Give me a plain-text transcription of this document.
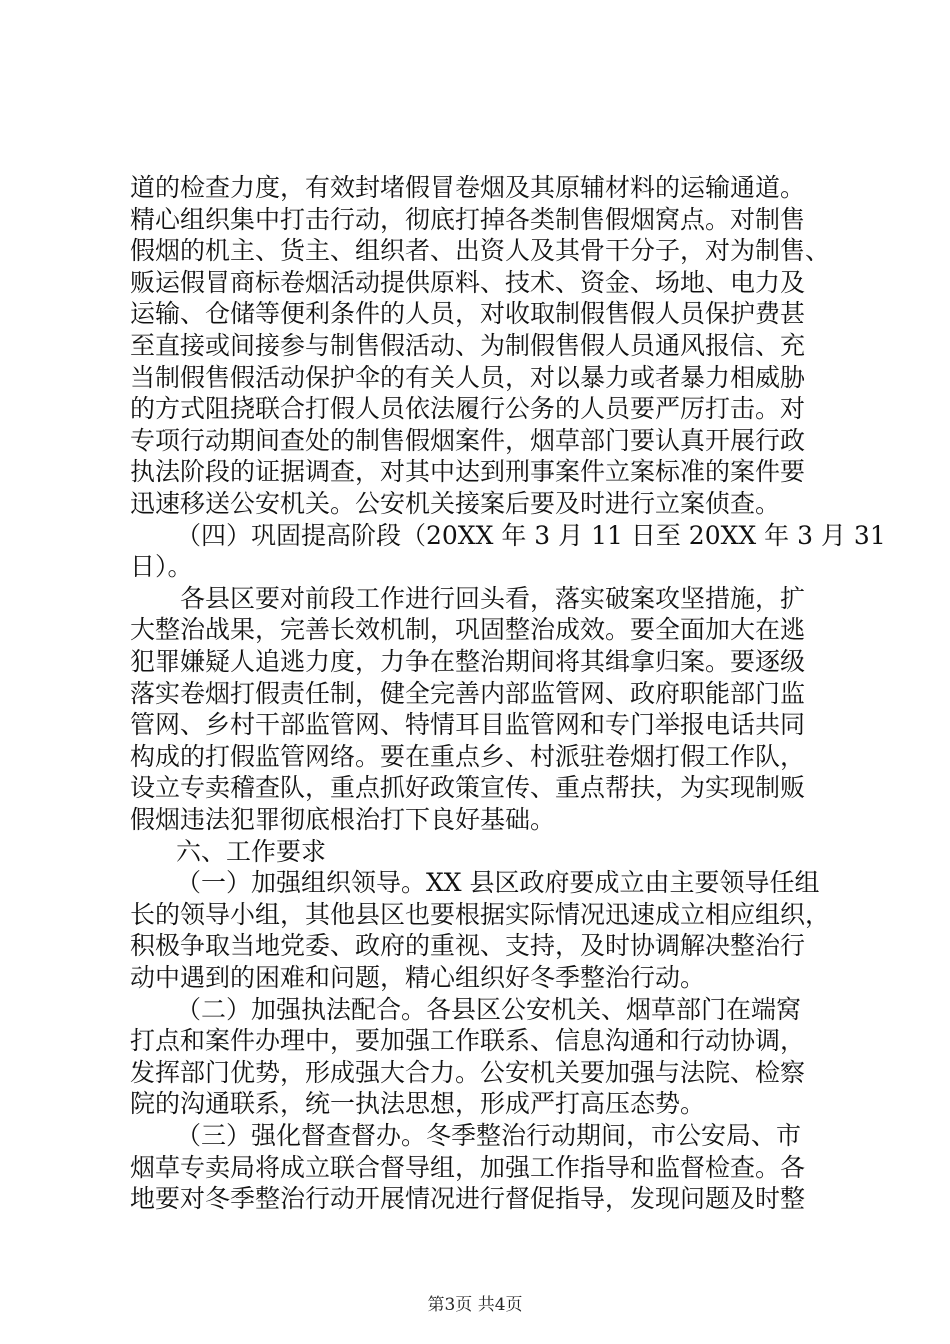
道的检查力度，有效封堵假冒卷烟及其原辅材料的运输通道。
精心组织集中打击行动，彻底打掉各类制售假烟窝点。对制售
假烟的机主、货主、组织者、出资人及其骨干分子，对为制售、
贩运假冒商标卷烟活动提供原料、技术、资金、场地、电力及
运输、仓储等便利条件的人员，对收取制假售假人员保护费甚
至直接或间接参与制售假活动、为制假售假人员通风报信、充
当制假售假活动保护伞的有关人员，对以暴力或者暴力相威胁
的方式阻挠联合打假人员依法履行公务的人员要严厉打击。对
专项行动期间查处的制售假烟案件，烟草部门要认真开展行政
执法阶段的证据调查，对其中达到刑事案件立案标准的案件要
迅速移送公安机关。公安机关接案后要及时进行立案侦查。
（四）巩固提高阶段（20XX 年 3 月 11 日至 20XX 年 3 月 31
日）。
各县区要对前段工作进行回头看，落实破案攻坚措施，扩
大整治战果，完善长效机制，巩固整治成效。要全面加大在逃
犯罪嫌疑人追逃力度，力争在整治期间将其缉拿归案。要逐级
落实卷烟打假责任制，健全完善内部监管网、政府职能部门监
管网、乡村干部监管网、特情耳目监管网和专门举报电话共同
构成的打假监管网络。要在重点乡、村派驻卷烟打假工作队，
设立专卖稽查队，重点抓好政策宣传、重点帮扶，为实现制贩
假烟违法犯罪彻底根治打下良好基础。
六、工作要求
（一）加强组织领导。XX 县区政府要成立由主要领导任组
长的领导小组，其他县区也要根据实际情况迅速成立相应组织，
积极争取当地党委、政府的重视、支持，及时协调解决整治行
动中遇到的困难和问题，精心组织好冬季整治行动。
（二）加强执法配合。各县区公安机关、烟草部门在端窝
打点和案件办理中，要加强工作联系、信息沟通和行动协调，
发挥部门优势，形成强大合力。公安机关要加强与法院、检察
院的沟通联系，统一执法思想，形成严打高压态势。
（三）强化督查督办。冬季整治行动期间，市公安局、市
烟草专卖局将成立联合督导组，加强工作指导和监督检查。各
地要对冬季整治行动开展情况进行督促指导，发现问题及时整
第3页 共4页
